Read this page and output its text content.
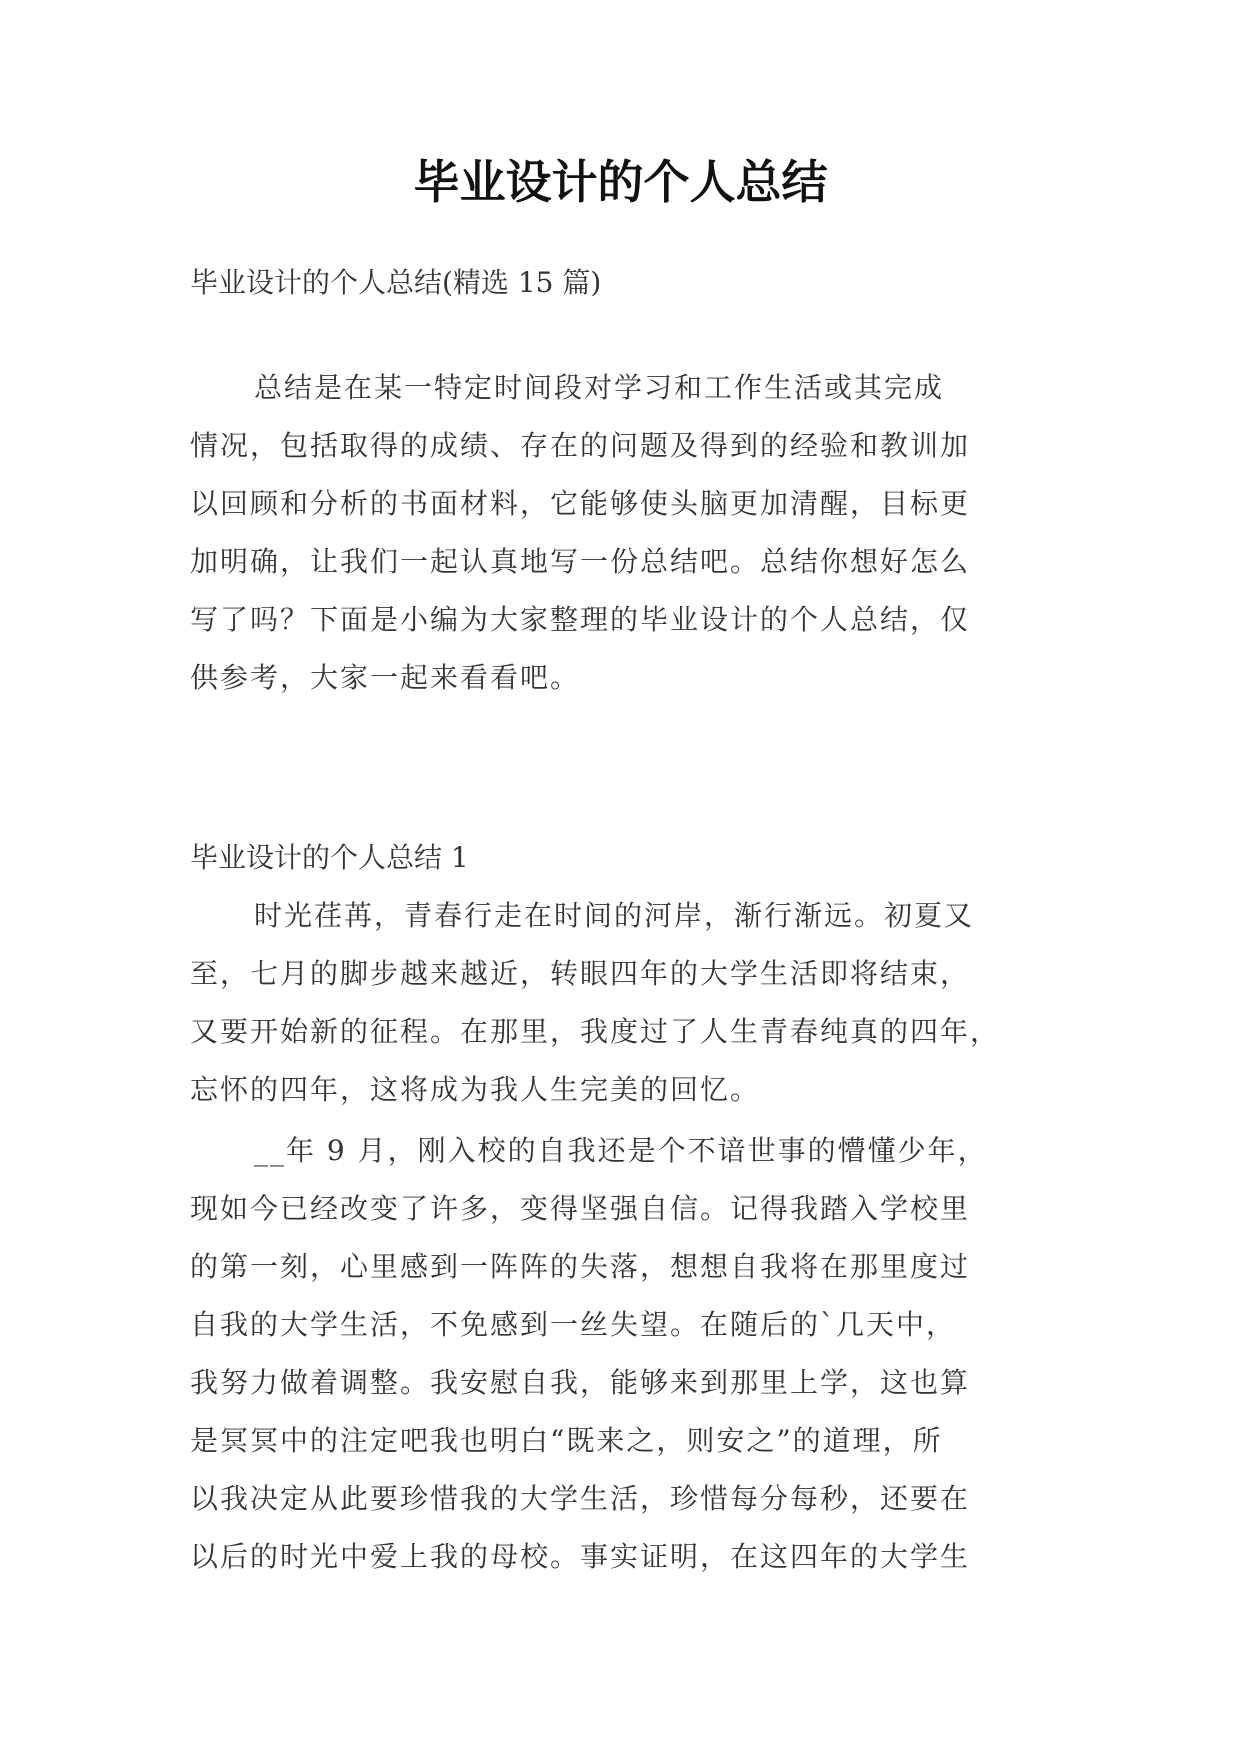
毕业设计的个人总结

毕业设计的个人总结(精选 15 篇)

总结是在某一特定时间段对学习和工作生活或其完成
情况，包括取得的成绩、存在的问题及得到的经验和教训加
以回顾和分析的书面材料，它能够使头脑更加清醒，目标更
加明确，让我们一起认真地写一份总结吧。总结你想好怎么
写了吗？下面是小编为大家整理的毕业设计的个人总结，仅
供参考，大家一起来看看吧。

毕业设计的个人总结 1

时光荏苒，青春行走在时间的河岸，渐行渐远。初夏又
至，七月的脚步越来越近，转眼四年的大学生活即将结束，
又要开始新的征程。在那里，我度过了人生青春纯真的四年，
忘怀的四年，这将成为我人生完美的回忆。
__年 9 月，刚入校的自我还是个不谙世事的懵懂少年，
现如今已经改变了许多，变得坚强自信。记得我踏入学校里
的第一刻，心里感到一阵阵的失落，想想自我将在那里度过
自我的大学生活，不免感到一丝失望。在随后的`几天中，
我努力做着调整。我安慰自我，能够来到那里上学，这也算
是冥冥中的注定吧我也明白“既来之，则安之”的道理，所
以我决定从此要珍惜我的大学生活，珍惜每分每秒，还要在
以后的时光中爱上我的母校。事实证明，在这四年的大学生
